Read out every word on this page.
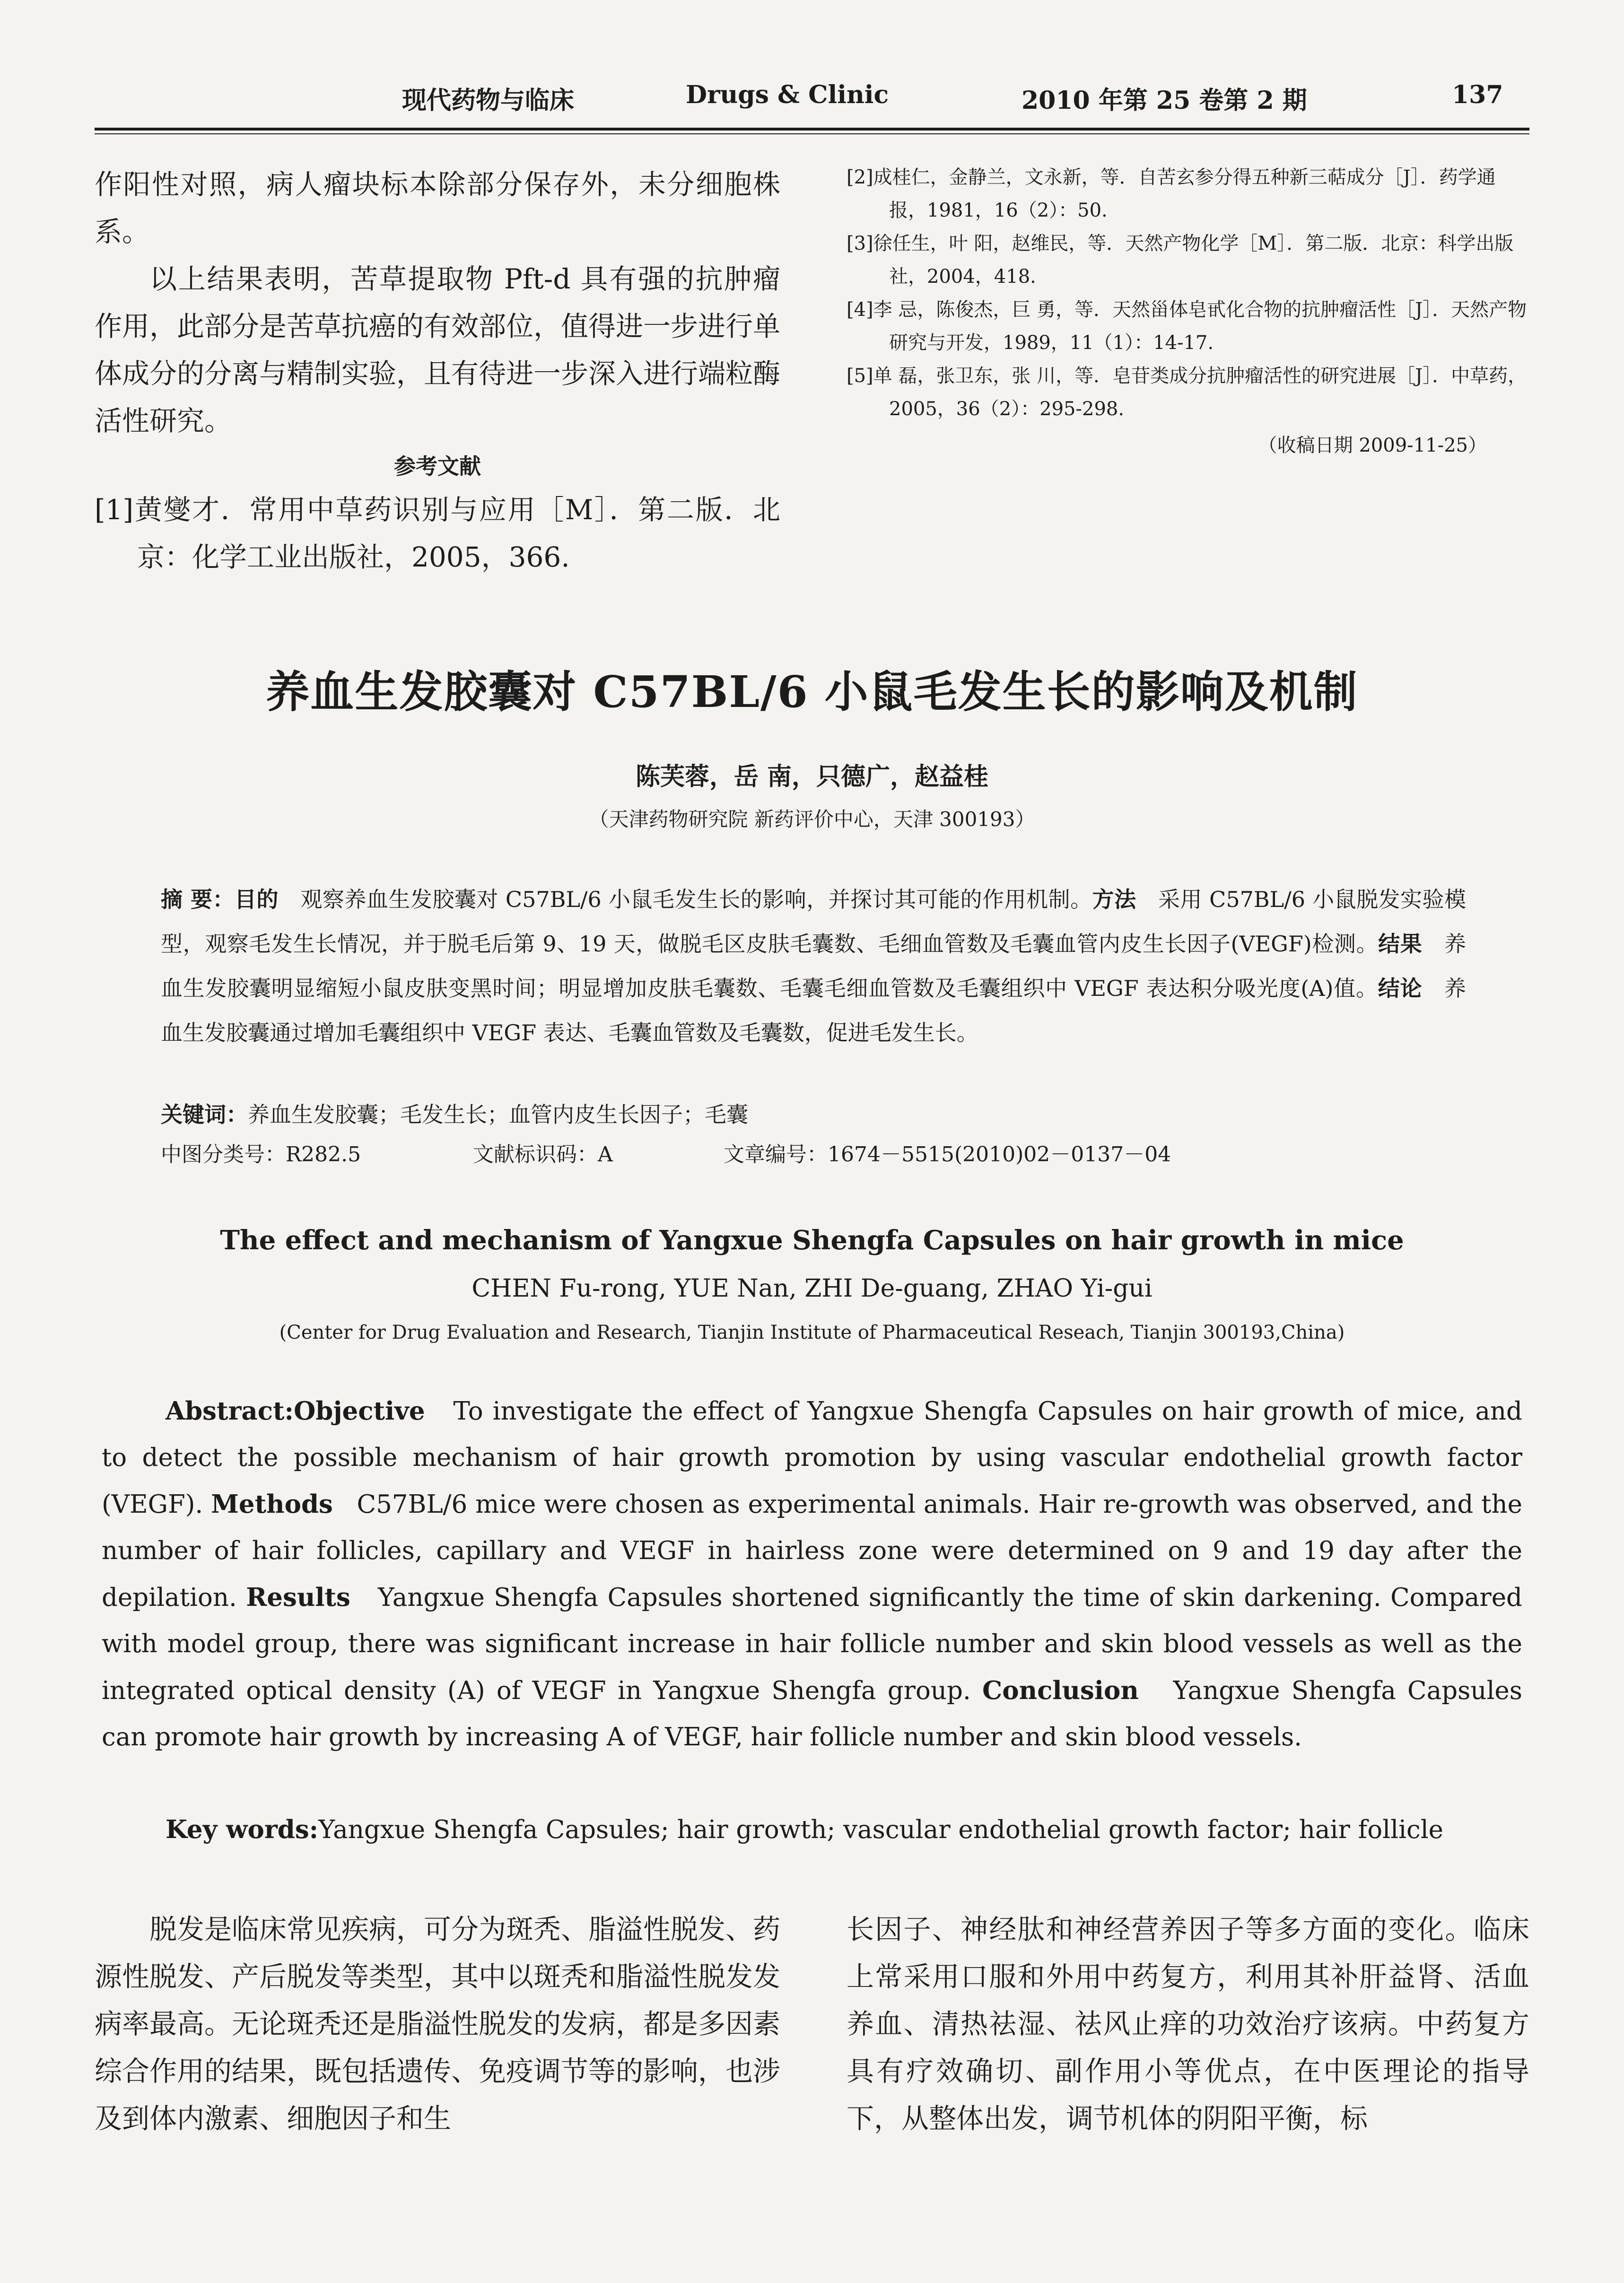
现代药物与临床	Drugs & Clinic	2010 年第 25 卷第 2 期	137

作阳性对照，病人瘤块标本除部分保存外，未分细胞株系。

以上结果表明，苦草提取物 Pft-d 具有强的抗肿瘤作用，此部分是苦草抗癌的有效部位，值得进一步进行单体成分的分离与精制实验，且有待进一步深入进行端粒酶活性研究。

参考文献

[1]黄燮才．常用中草药识别与应用［M］．第二版．北京：化学工业出版社，2005，366.

[2]成桂仁，金静兰，文永新，等．自苦玄参分得五种新三萜成分［J］．药学通报，1981，16（2）：50.

[3]徐任生，叶 阳，赵维民，等．天然产物化学［M］．第二版．北京：科学出版社，2004，418.

[4]李 忌，陈俊杰，巨 勇，等．天然甾体皂甙化合物的抗肿瘤活性［J］．天然产物研究与开发，1989，11（1）：14-17.

[5]单 磊，张卫东，张 川，等．皂苷类成分抗肿瘤活性的研究进展［J］．中草药，2005，36（2）：295-298.

（收稿日期 2009-11-25）
养血生发胶囊对 C57BL/6 小鼠毛发生长的影响及机制
陈芙蓉，岳 南，只德广，赵益桂
（天津药物研究院 新药评价中心，天津 300193）
摘 要：目的  观察养血生发胶囊对 C57BL/6 小鼠毛发生长的影响，并探讨其可能的作用机制。方法  采用 C57BL/6 小鼠脱发实验模型，观察毛发生长情况，并于脱毛后第 9、19 天，做脱毛区皮肤毛囊数、毛细血管数及毛囊血管内皮生长因子(VEGF)检测。结果  养血生发胶囊明显缩短小鼠皮肤变黑时间；明显增加皮肤毛囊数、毛囊毛细血管数及毛囊组织中 VEGF 表达积分吸光度(A)值。结论  养血生发胶囊通过增加毛囊组织中 VEGF 表达、毛囊血管数及毛囊数，促进毛发生长。
关键词：养血生发胶囊；毛发生长；血管内皮生长因子；毛囊
中图分类号：R282.5	文献标识码：A	文章编号：1674－5515(2010)02－0137－04
The effect and mechanism of Yangxue Shengfa Capsules on hair growth in mice
CHEN Fu-rong, YUE Nan, ZHI De-guang, ZHAO Yi-gui
(Center for Drug Evaluation and Research, Tianjin Institute of Pharmaceutical Reseach, Tianjin 300193,China)

Abstract:Objective To investigate the effect of Yangxue Shengfa Capsules on hair growth of mice, and to detect the possible mechanism of hair growth promotion by using vascular endothelial growth factor (VEGF). Methods C57BL/6 mice were chosen as experimental animals. Hair re-growth was observed, and the number of hair follicles, capillary and VEGF in hairless zone were determined on 9 and 19 day after the depilation. Results Yangxue Shengfa Capsules shortened significantly the time of skin darkening. Compared with model group, there was significant increase in hair follicle number and skin blood vessels as well as the integrated optical density (A) of VEGF in Yangxue Shengfa group. Conclusion Yangxue Shengfa Capsules can promote hair growth by increasing A of VEGF, hair follicle number and skin blood vessels.

Key words:Yangxue Shengfa Capsules; hair growth; vascular endothelial growth factor; hair follicle

脱发是临床常见疾病，可分为斑秃、脂溢性脱发、药源性脱发、产后脱发等类型，其中以斑秃和脂溢性脱发发病率最高。无论斑秃还是脂溢性脱发的发病，都是多因素综合作用的结果，既包括遗传、免疫调节等的影响，也涉及到体内激素、细胞因子和生

长因子、神经肽和神经营养因子等多方面的变化。临床上常采用口服和外用中药复方，利用其补肝益肾、活血养血、清热祛湿、祛风止痒的功效治疗该病。中药复方具有疗效确切、副作用小等优点，在中医理论的指导下，从整体出发，调节机体的阴阳平衡，标
